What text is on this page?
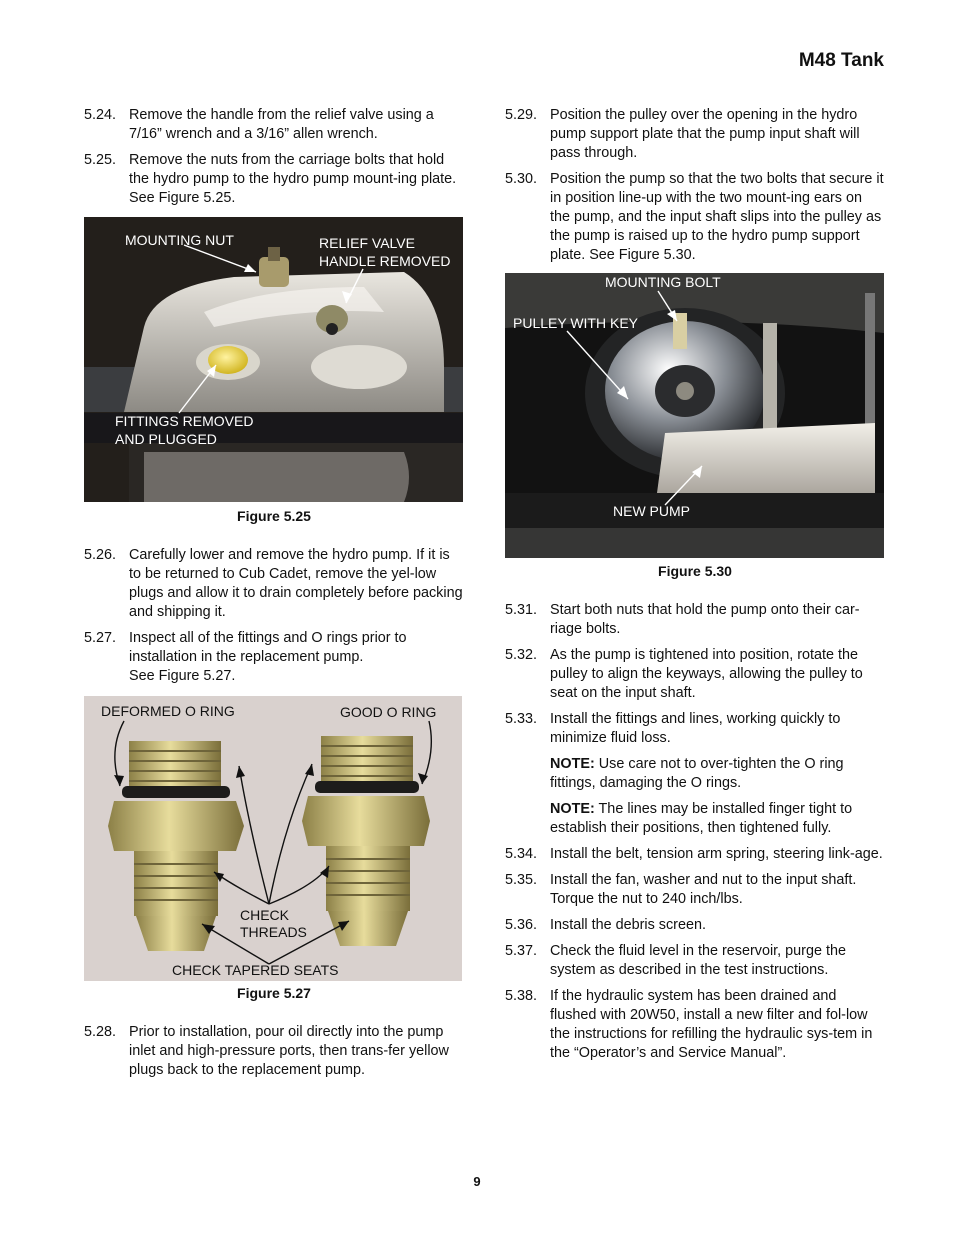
M48 Tank
5.24. Remove the handle from the relief valve using a 7/16” wrench and a 3/16” allen wrench.
5.25. Remove the nuts from the carriage bolts that hold the hydro pump to the hydro pump mount-ing plate. See Figure 5.25.
MOUNTING NUT	RELIEF VALVE
HANDLE REMOVED
FITTINGS REMOVED
AND PLUGGED
Figure 5.25
5.26. Carefully lower and remove the hydro pump. If it is to be returned to Cub Cadet, remove the yel-low plugs and allow it to drain completely before packing and shipping it.
5.27. Inspect all of the fittings and O rings prior to installation in the replacement pump.
See Figure 5.27.
DEFORMED O RING	GOOD O RING
CHECK
THREADS
CHECK TAPERED SEATS
Figure 5.27
5.28. Prior to installation, pour oil directly into the pump inlet and high-pressure ports, then trans-fer yellow plugs back to the replacement pump.
5.29. Position the pulley over the opening in the hydro pump support plate that the pump input shaft will pass through.
5.30. Position the pump so that the two bolts that secure it in position line-up with the two mount-ing ears on the pump, and the input shaft slips into the pulley as the pump is raised up to the hydro pump support plate. See Figure 5.30.
MOUNTING BOLT
PULLEY WITH KEY
NEW PUMP
Figure 5.30
5.31. Start both nuts that hold the pump onto their car-riage bolts.
5.32. As the pump is tightened into position, rotate the pulley to align the keyways, allowing the pulley to seat on the input shaft.
5.33. Install the fittings and lines, working quickly to minimize fluid loss.

NOTE: Use care not to over-tighten the O ring fittings, damaging the O rings.

NOTE: The lines may be installed finger tight to establish their positions, then tightened fully.

5.34. Install the belt, tension arm spring, steering link-age.
5.35. Install the fan, washer and nut to the input shaft. Torque the nut to 240 inch/lbs.
5.36. Install the debris screen.
5.37. Check the fluid level in the reservoir, purge the system as described in the test instructions.
5.38. If the hydraulic system has been drained and flushed with 20W50, install a new filter and fol-low the instructions for refilling the hydraulic sys-tem in the “Operator’s and Service Manual”.
9
